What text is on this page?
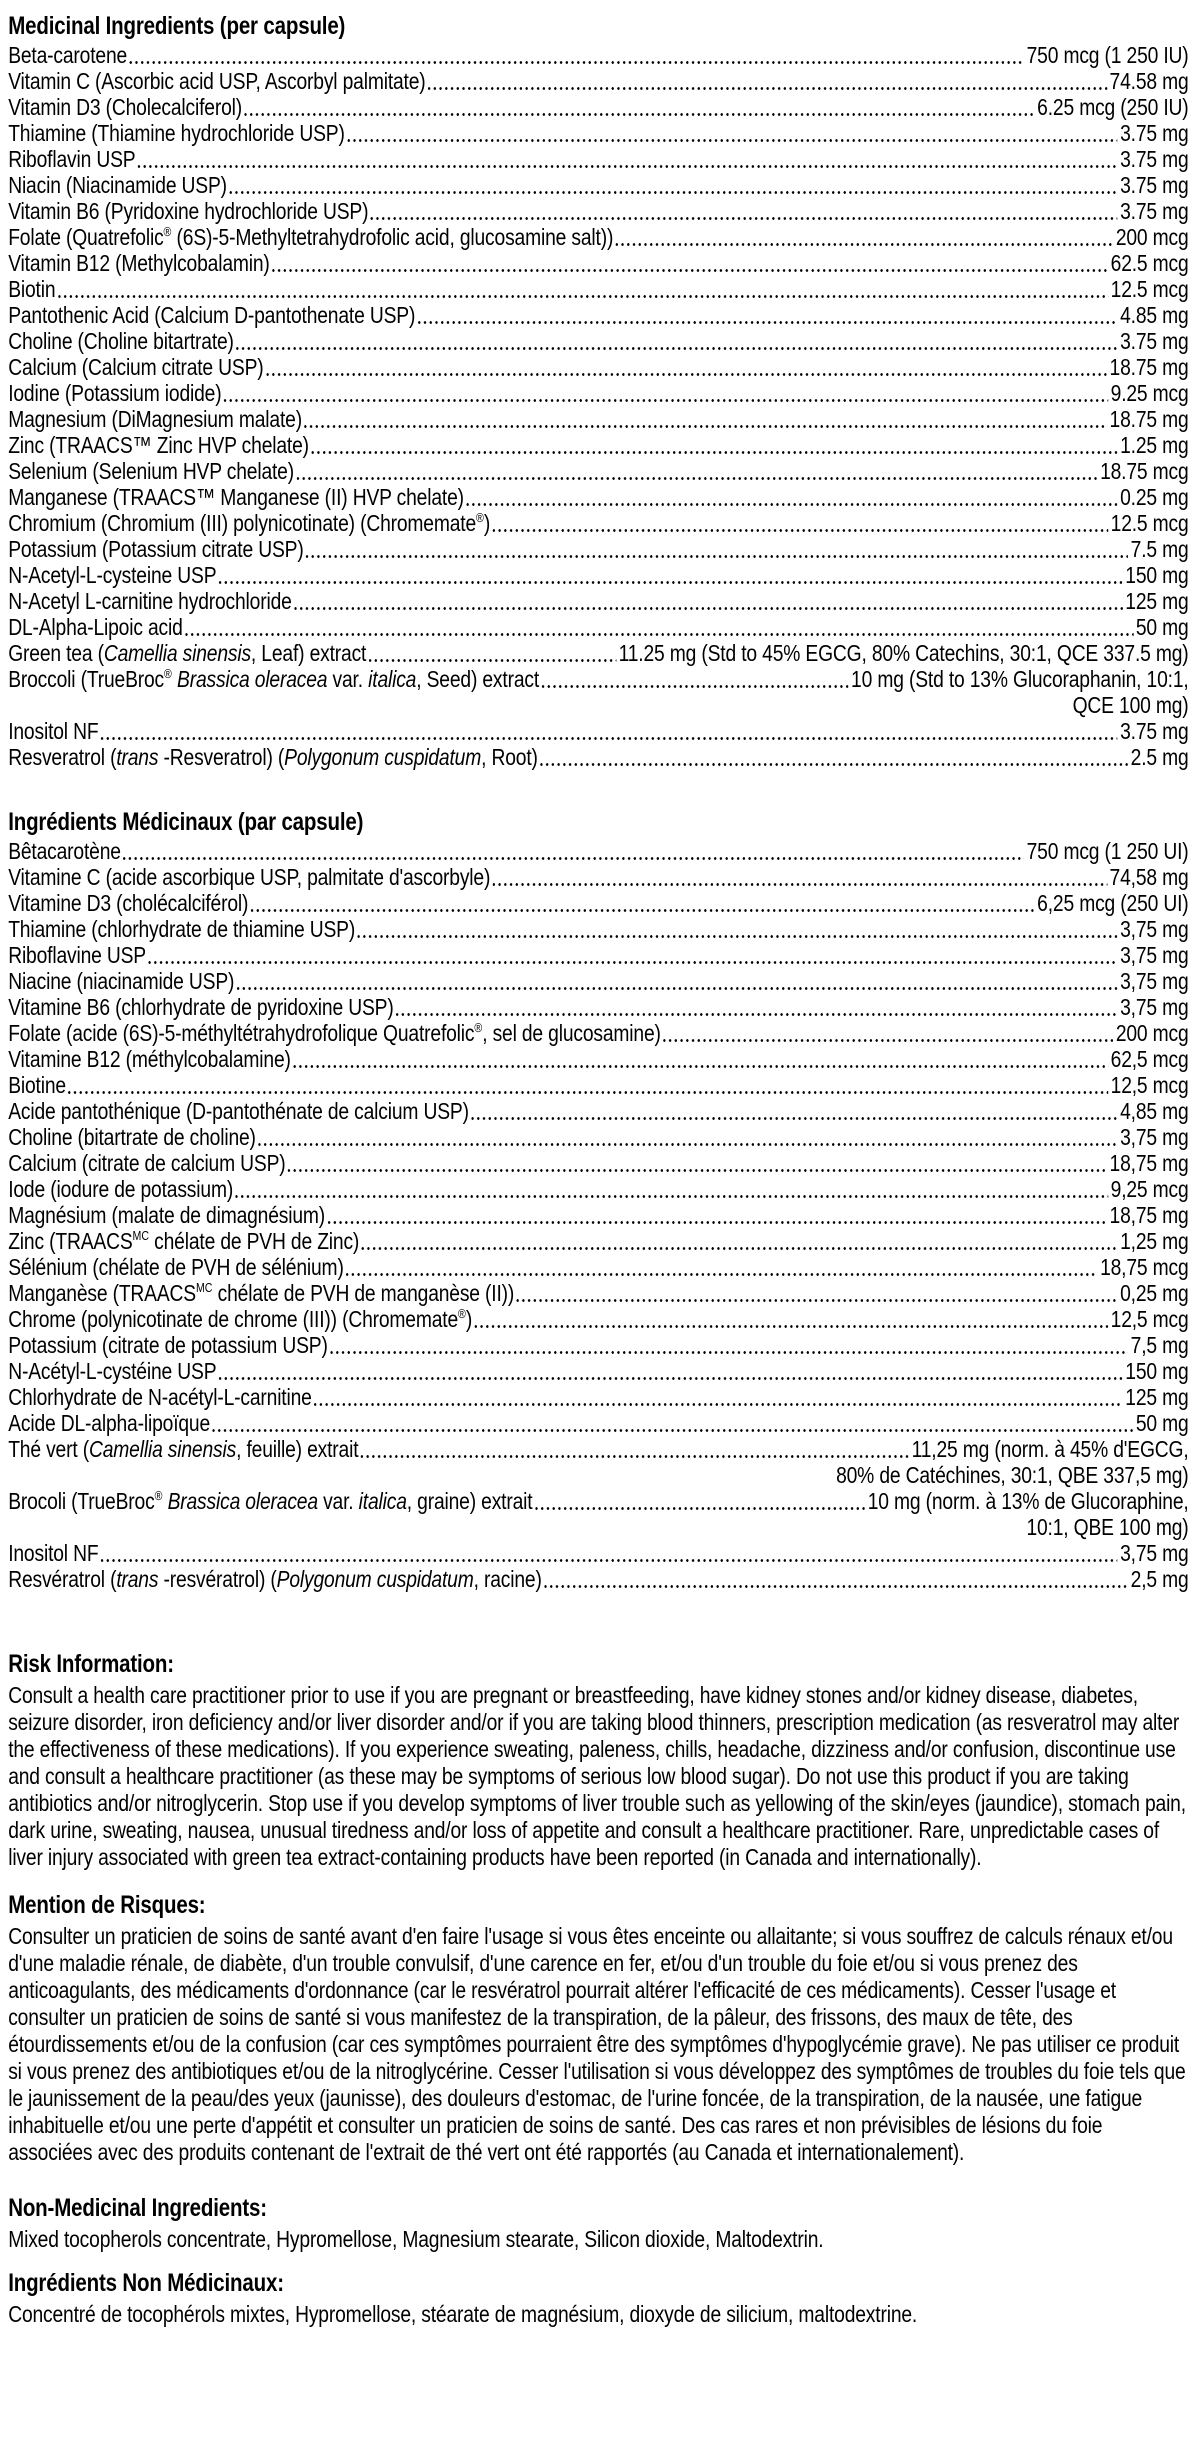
Medicinal Ingredients (per capsule)
Beta-carotene	750 mcg (1 250 IU)
Vitamin C (Ascorbic acid USP, Ascorbyl palmitate)	74.58 mg
Vitamin D3 (Cholecalciferol)	6.25 mcg (250 IU)
Thiamine (Thiamine hydrochloride USP)	3.75 mg
Riboflavin USP	3.75 mg
Niacin (Niacinamide USP)	3.75 mg
Vitamin B6 (Pyridoxine hydrochloride USP)	3.75 mg
Folate (Quatrefolic® (6S)-5-Methyltetrahydrofolic acid, glucosamine salt))	200 mcg
Vitamin B12 (Methylcobalamin)	62.5 mcg
Biotin	12.5 mcg
Pantothenic Acid (Calcium D-pantothenate USP)	4.85 mg
Choline (Choline bitartrate)	3.75 mg
Calcium (Calcium citrate USP)	18.75 mg
Iodine (Potassium iodide)	9.25 mcg
Magnesium (DiMagnesium malate)	18.75 mg
Zinc (TRAACS™ Zinc HVP chelate)	1.25 mg
Selenium (Selenium HVP chelate)	18.75 mcg
Manganese (TRAACS™ Manganese (II) HVP chelate)	0.25 mg
Chromium (Chromium (III) polynicotinate) (Chromemate®)	12.5 mcg
Potassium (Potassium citrate USP)	7.5 mg
N-Acetyl-L-cysteine USP	150 mg
N-Acetyl L-carnitine hydrochloride	125 mg
DL-Alpha-Lipoic acid	50 mg
Green tea (Camellia sinensis, Leaf) extract	11.25 mg (Std to 45% EGCG, 80% Catechins, 30:1, QCE 337.5 mg)
Broccoli (TrueBroc® Brassica oleracea var. italica, Seed) extract	10 mg (Std to 13% Glucoraphanin, 10:1,
QCE 100 mg)
Inositol NF	3.75 mg
Resveratrol (trans -Resveratrol) (Polygonum cuspidatum, Root)	2.5 mg
Ingrédients Médicinaux (par capsule)
Bêtacarotène	750 mcg (1 250 UI)
Vitamine C (acide ascorbique USP, palmitate d'ascorbyle)	74,58 mg
Vitamine D3 (cholécalciférol)	6,25 mcg (250 UI)
Thiamine (chlorhydrate de thiamine USP)	3,75 mg
Riboflavine USP	3,75 mg
Niacine (niacinamide USP)	3,75 mg
Vitamine B6 (chlorhydrate de pyridoxine USP)	3,75 mg
Folate (acide (6S)-5-méthyltétrahydrofolique Quatrefolic®, sel de glucosamine)	200 mcg
Vitamine B12 (méthylcobalamine)	62,5 mcg
Biotine	12,5 mcg
Acide pantothénique (D-pantothénate de calcium USP)	4,85 mg
Choline (bitartrate de choline)	3,75 mg
Calcium (citrate de calcium USP)	18,75 mg
Iode (iodure de potassium)	9,25 mcg
Magnésium (malate de dimagnésium)	18,75 mg
Zinc ($TRAACS^{MC}$ chélate de PVH de Zinc)	1,25 mg
Sélénium (chélate de PVH de sélénium)	18,75 mcg
Manganèse ($TRAACS^{MC}$ chélate de PVH de manganèse (II))	0,25 mg
Chrome (polynicotinate de chrome (III)) (Chromemate®)	12,5 mcg
Potassium (citrate de potassium USP)	7,5 mg
N-Acétyl-L-cystéine USP	150 mg
Chlorhydrate de N-acétyl-L-carnitine	125 mg
Acide DL-alpha-lipoïque	50 mg
Thé vert (Camellia sinensis, feuille) extrait	11,25 mg (norm. à 45% d'EGCG,
80% de Catéchines, 30:1, QBE 337,5 mg)
Brocoli (TrueBroc® Brassica oleracea var. italica, graine) extrait	10 mg (norm. à 13% de Glucoraphine,
10:1, QBE 100 mg)
Inositol NF	3,75 mg
Resvératrol (trans -resvératrol) (Polygonum cuspidatum, racine)	2,5 mg
Risk Information:

Consult a health care practitioner prior to use if you are pregnant or breastfeeding, have kidney stones and/or kidney disease, diabetes, seizure disorder, iron deficiency and/or liver disorder and/or if you are taking blood thinners, prescription medication (as resveratrol may alter the effectiveness of these medications). If you experience sweating, paleness, chills, headache, dizziness and/or confusion, discontinue use and consult a healthcare practitioner (as these may be symptoms of serious low blood sugar). Do not use this product if you are taking antibiotics and/or nitroglycerin. Stop use if you develop symptoms of liver trouble such as yellowing of the skin/eyes (jaundice), stomach pain, dark urine, sweating, nausea, unusual tiredness and/or loss of appetite and consult a healthcare practitioner. Rare, unpredictable cases of liver injury associated with green tea extract-containing products have been reported (in Canada and internationally).

Mention de Risques:

Consulter un praticien de soins de santé avant d'en faire l'usage si vous êtes enceinte ou allaitante; si vous souffrez de calculs rénaux et/ou d'une maladie rénale, de diabète, d'un trouble convulsif, d'une carence en fer, et/ou d'un trouble du foie et/ou si vous prenez des anticoagulants, des médicaments d'ordonnance (car le resvératrol pourrait altérer l'efficacité de ces médicaments). Cesser l'usage et consulter un praticien de soins de santé si vous manifestez de la transpiration, de la pâleur, des frissons, des maux de tête, des étourdissements et/ou de la confusion (car ces symptômes pourraient être des symptômes d'hypoglycémie grave). Ne pas utiliser ce produit si vous prenez des antibiotiques et/ou de la nitroglycérine. Cesser l'utilisation si vous développez des symptômes de troubles du foie tels que le jaunissement de la peau/des yeux (jaunisse), des douleurs d'estomac, de l'urine foncée, de la transpiration, de la nausée, une fatigue inhabituelle et/ou une perte d'appétit et consulter un praticien de soins de santé. Des cas rares et non prévisibles de lésions du foie associées avec des produits contenant de l'extrait de thé vert ont été rapportés (au Canada et internationalement).

Non-Medicinal Ingredients:

Mixed tocopherols concentrate, Hypromellose, Magnesium stearate, Silicon dioxide, Maltodextrin.

Ingrédients Non Médicinaux:

Concentré de tocophérols mixtes, Hypromellose, stéarate de magnésium, dioxyde de silicium, maltodextrine.
